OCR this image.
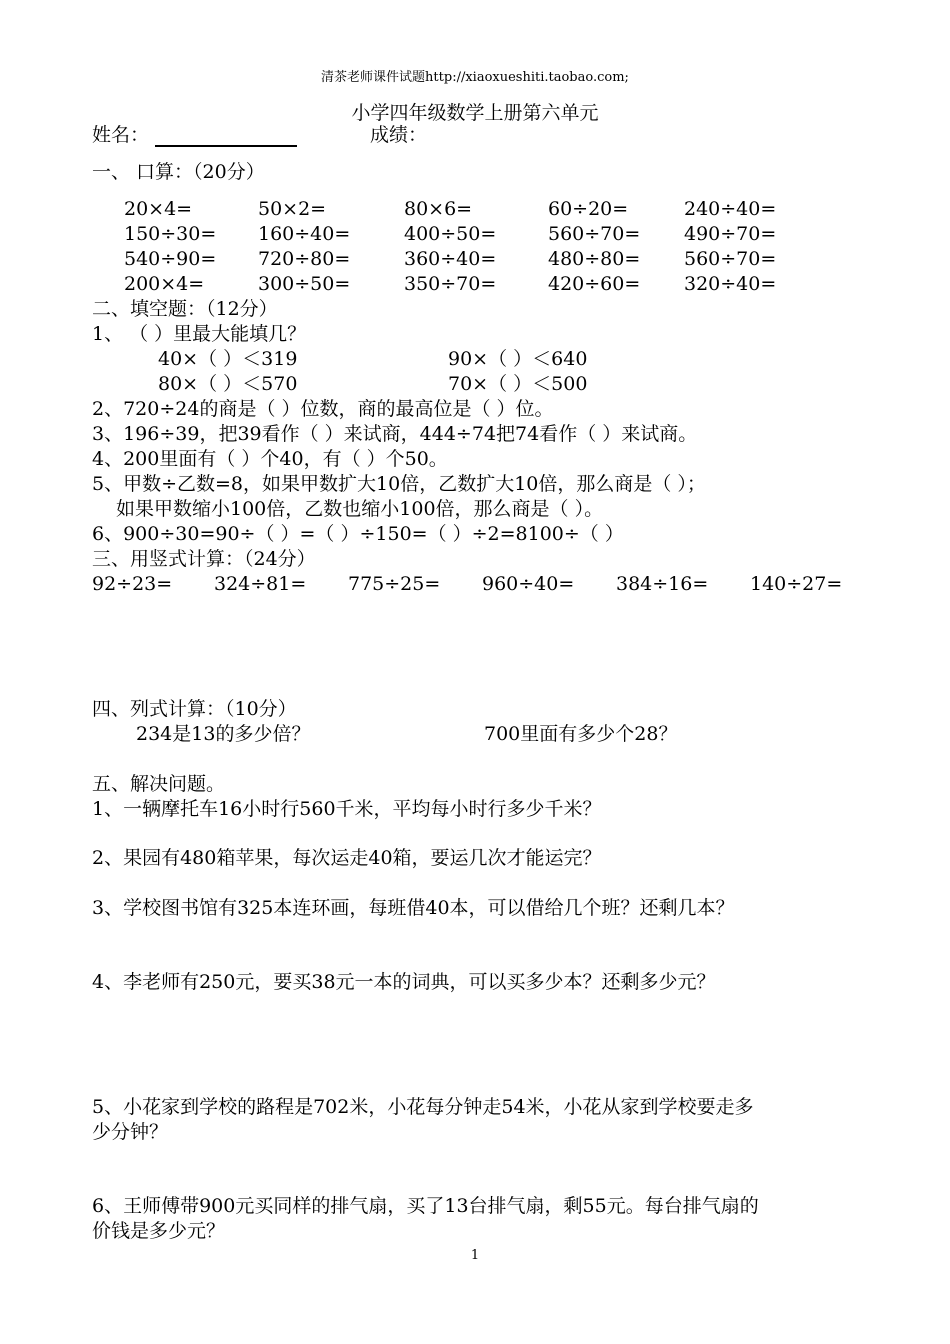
清茶老师课件试题http://xiaoxueshiti.taobao.com;
小学四年级数学上册第六单元
姓名：	成绩：
一、 口算：（20分）
20×4=	50×2=	80×6=	60÷20=	240÷40=
150÷30= 160÷40=	400÷50=	560÷70= 490÷70=
540÷90= 720÷80=	360÷40=	480÷80= 560÷70=
200×4=	300÷50=	350÷70=	420÷60= 320÷40=
二、填空题：（12分）
1、 （ ）里最大能填几？
40×（ ）＜319	90×（ ）＜640
80×（ ）＜570	70×（ ）＜500
2、720÷24的商是（ ）位数，商的最高位是（ ）位。
3、196÷39，把39看作（ ）来试商，444÷74把74看作（ ）来试商。
4、200里面有（ ）个40，有（ ）个50。
5、甲数÷乙数=8，如果甲数扩大10倍，乙数扩大10倍，那么商是（ ）；
如果甲数缩小100倍，乙数也缩小100倍，那么商是（ ）。
6、900÷30=90÷（ ）=（ ）÷150=（ ）÷2=8100÷（ ）
三、用竖式计算：（24分）
92÷23= 324÷81= 775÷25= 960÷40= 384÷16= 140÷27=
四、列式计算：（10分）
234是13的多少倍？	700里面有多少个28？
五、解决问题。
1、一辆摩托车16小时行560千米，平均每小时行多少千米？
2、果园有480箱苹果，每次运走40箱，要运几次才能运完？
3、学校图书馆有325本连环画，每班借40本，可以借给几个班？还剩几本？
4、李老师有250元，要买38元一本的词典，可以买多少本？还剩多少元？
5、小花家到学校的路程是702米，小花每分钟走54米，小花从家到学校要走多
少分钟？
6、王师傅带900元买同样的排气扇，买了13台排气扇，剩55元。每台排气扇的
价钱是多少元？
1
